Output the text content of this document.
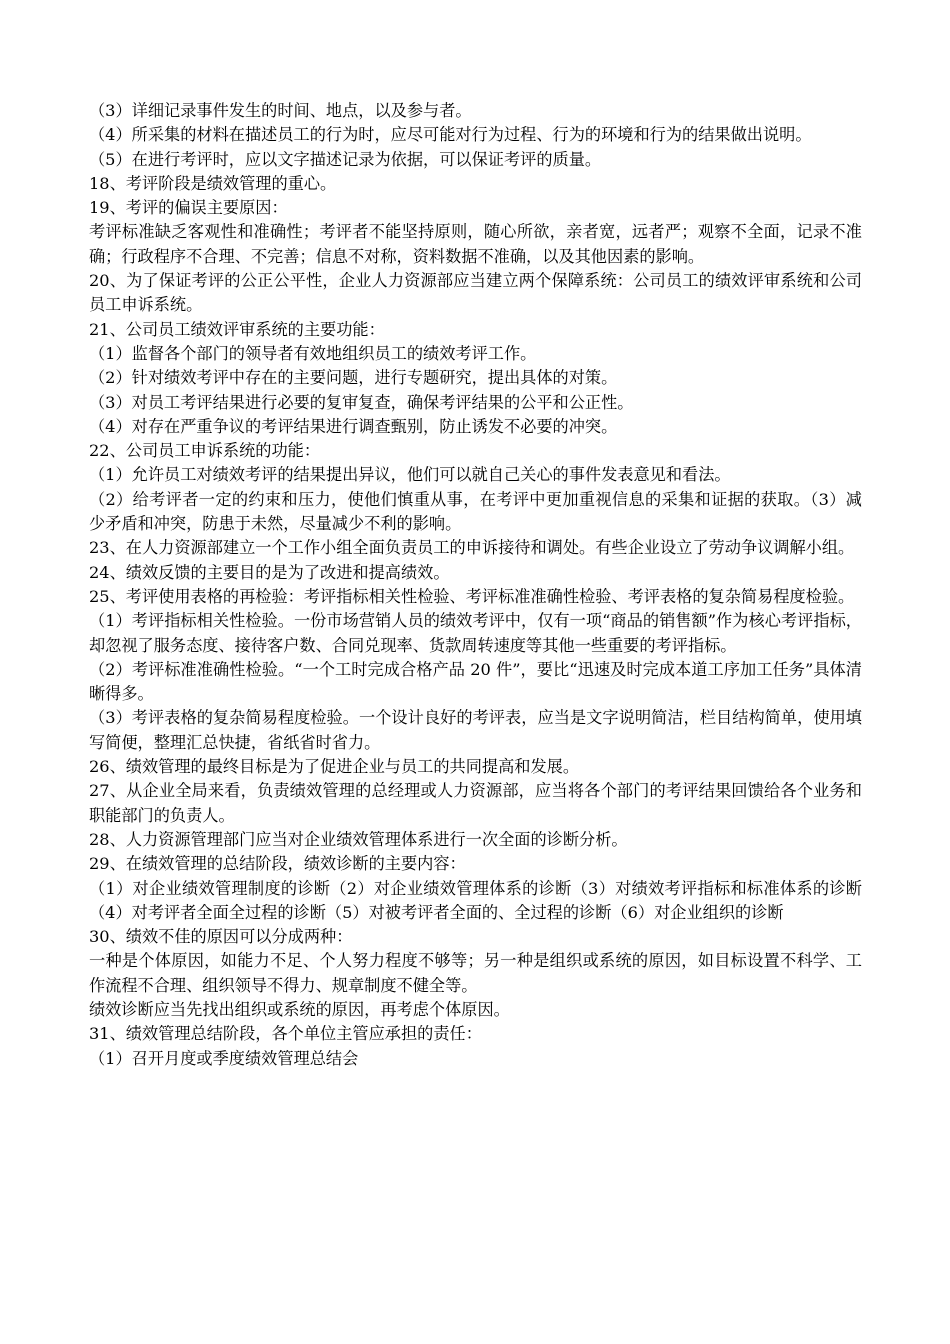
（3）详细记录事件发生的时间、地点，以及参与者。

（4）所采集的材料在描述员工的行为时，应尽可能对行为过程、行为的环境和行为的结果做出说明。

（5）在进行考评时，应以文字描述记录为依据，可以保证考评的质量。

18、考评阶段是绩效管理的重心。

19、考评的偏误主要原因：

考评标准缺乏客观性和准确性；考评者不能坚持原则，随心所欲，亲者宽，远者严；观察不全面，记录不准确；行政程序不合理、不完善；信息不对称，资料数据不准确，以及其他因素的影响。

20、为了保证考评的公正公平性，企业人力资源部应当建立两个保障系统：公司员工的绩效评审系统和公司员工申诉系统。

21、公司员工绩效评审系统的主要功能：

（1）监督各个部门的领导者有效地组织员工的绩效考评工作。

（2）针对绩效考评中存在的主要问题，进行专题研究，提出具体的对策。

（3）对员工考评结果进行必要的复审复查，确保考评结果的公平和公正性。

（4）对存在严重争议的考评结果进行调查甄别，防止诱发不必要的冲突。

22、公司员工申诉系统的功能：

（1）允许员工对绩效考评的结果提出异议，他们可以就自己关心的事件发表意见和看法。

（2）给考评者一定的约束和压力，使他们慎重从事，在考评中更加重视信息的采集和证据的获取。（3）减少矛盾和冲突，防患于未然，尽量减少不利的影响。

23、在人力资源部建立一个工作小组全面负责员工的申诉接待和调处。有些企业设立了劳动争议调解小组。

24、绩效反馈的主要目的是为了改进和提高绩效。

25、考评使用表格的再检验：考评指标相关性检验、考评标准准确性检验、考评表格的复杂简易程度检验。

（1）考评指标相关性检验。一份市场营销人员的绩效考评中，仅有一项“商品的销售额”作为核心考评指标，却忽视了服务态度、接待客户数、合同兑现率、货款周转速度等其他一些重要的考评指标。

（2）考评标准准确性检验。“一个工时完成合格产品 20 件”，要比“迅速及时完成本道工序加工任务”具体清晰得多。

（3）考评表格的复杂简易程度检验。一个设计良好的考评表，应当是文字说明简洁，栏目结构简单，使用填写简便，整理汇总快捷，省纸省时省力。

26、绩效管理的最终目标是为了促进企业与员工的共同提高和发展。

27、从企业全局来看，负责绩效管理的总经理或人力资源部，应当将各个部门的考评结果回馈给各个业务和职能部门的负责人。

28、人力资源管理部门应当对企业绩效管理体系进行一次全面的诊断分析。

29、在绩效管理的总结阶段，绩效诊断的主要内容：

（1）对企业绩效管理制度的诊断（2）对企业绩效管理体系的诊断（3）对绩效考评指标和标准体系的诊断（4）对考评者全面全过程的诊断（5）对被考评者全面的、全过程的诊断（6）对企业组织的诊断

30、绩效不佳的原因可以分成两种：

一种是个体原因，如能力不足、个人努力程度不够等；另一种是组织或系统的原因，如目标设置不科学、工作流程不合理、组织领导不得力、规章制度不健全等。

绩效诊断应当先找出组织或系统的原因，再考虑个体原因。

31、绩效管理总结阶段，各个单位主管应承担的责任：

（1）召开月度或季度绩效管理总结会
